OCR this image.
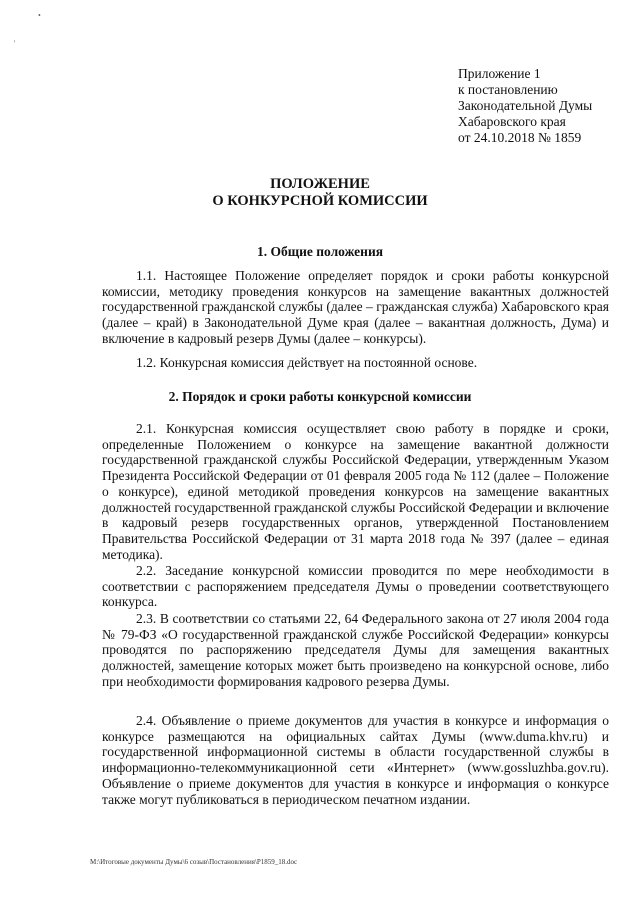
•
'
Приложение 1
к постановлению
Законодательной Думы
Хабаровского края
от 24.10.2018 № 1859
ПОЛОЖЕНИЕ
О КОНКУРСНОЙ КОМИССИИ
1. Общие положения

1.1. Настоящее Положение определяет порядок и сроки работы конкурсной комиссии, методику проведения конкурсов на замещение вакантных должностей государственной гражданской службы (далее – гражданская служба) Хабаровского края (далее – край) в Законодательной Думе края (далее – вакантная должность, Дума) и включение в кадровый резерв Думы (далее – конкурсы).

1.2. Конкурсная комиссия действует на постоянной основе.

2. Порядок и сроки работы конкурсной комиссии

2.1. Конкурсная комиссия осуществляет свою работу в порядке и сроки, определенные Положением о конкурсе на замещение вакантной должности государственной гражданской службы Российской Федерации, утвержденным Указом Президента Российской Федерации от 01 февраля 2005 года № 112 (далее – Положение о конкурсе), единой методикой проведения конкурсов на замещение вакантных должностей государственной гражданской службы Российской Федерации и включение в кадровый резерв государственных органов, утвержденной Постановлением Правительства Российской Федерации от 31 марта 2018 года № 397 (далее – единая методика).

2.2. Заседание конкурсной комиссии проводится по мере необходимости в соответствии с распоряжением председателя Думы о проведении соответствующего конкурса.

2.3. В соответствии со статьями 22, 64 Федерального закона от 27 июля 2004 года № 79-ФЗ «О государственной гражданской службе Российской Федерации» конкурсы проводятся по распоряжению председателя Думы для замещения вакантных должностей, замещение которых может быть произведено на конкурсной основе, либо при необходимости формирования кадрового резерва Думы.

2.4. Объявление о приеме документов для участия в конкурсе и информация о конкурсе размещаются на официальных сайтах Думы (www.duma.khv.ru) и государственной информационной системы в области государственной службы в информационно-телекоммуникационной сети «Интернет» (www.gossluzhba.gov.ru). Объявление о приеме документов для участия в конкурсе и информация о конкурсе также могут публиковаться в периодическом печатном издании.

М:\Итоговые документы Думы\6 созыв\Постановления\Р1859_18.doc
